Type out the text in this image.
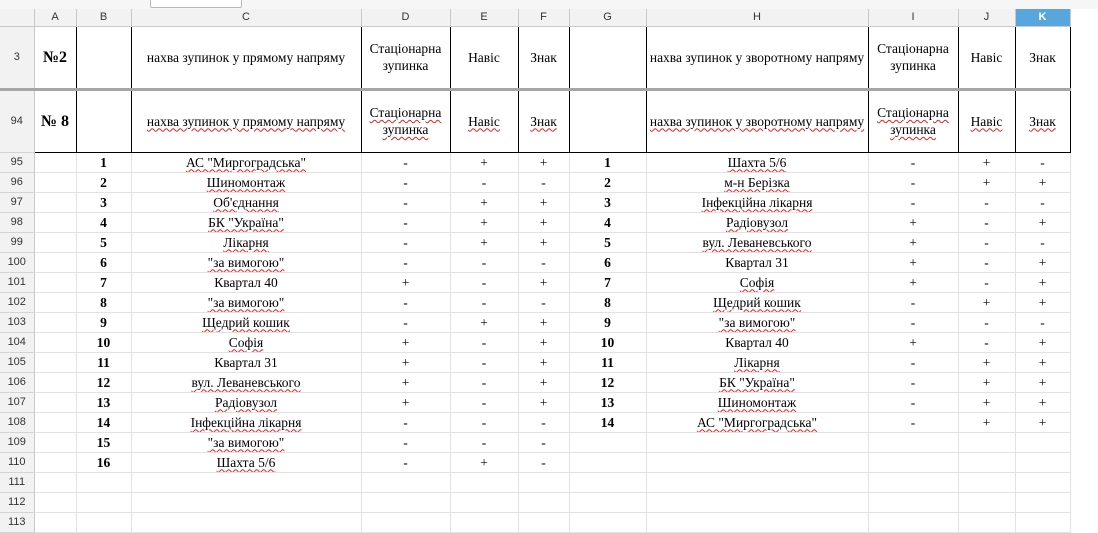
	A	B	C	D	E	F	G	H	I	J	K
3	№2		нахва зупинок у прямому напряму	Стаціонарна зупинка	Навіс	Знак		нахва зупинок у зворотному напряму	Стаціонарна зупинка	Навіс	Знак
94	№ 8		нахва зупинок у прямому напряму	Стаціонарна зупинка	Навіс	Знак		нахва зупинок у зворотному напряму	Стаціонарна зупинка	Навіс	Знак
95		1	АС "Миргоградська"	-	+	+	1	Шахта 5/6	-	+	-
96		2	Шиномонтаж	-	-	-	2	м-н Берізка	-	+	+
97		3	Об'єднання	-	+	+	3	Інфекційна лікарня	-	-	-
98		4	БК "Україна"	-	+	+	4	Радіовузол	+	-	+
99		5	Лікарня	-	+	+	5	вул. Леваневського	+	-	-
100		6	"за вимогою"	-	-	-	6	Квартал 31	+	-	+
101		7	Квартал 40	+	-	+	7	Софія	+	-	+
102		8	"за вимогою"	-	-	-	8	Щедрий кошик	-	+	+
103		9	Щедрий кошик	-	+	+	9	"за вимогою"	-	-	-
104		10	Софія	+	-	+	10	Квартал 40	+	-	+
105		11	Квартал 31	+	-	+	11	Лікарня	-	+	+
106		12	вул. Леваневського	+	-	+	12	БК "Україна"	-	+	+
107		13	Радіовузол	+	-	+	13	Шиномонтаж	-	+	+
108		14	Інфекційна лікарня	-	-	-	14	АС "Миргоградська"	-	+	+
109		15	"за вимогою"	-	-	-					
110		16	Шахта 5/6	-	+	-					
111											
112											
113											
